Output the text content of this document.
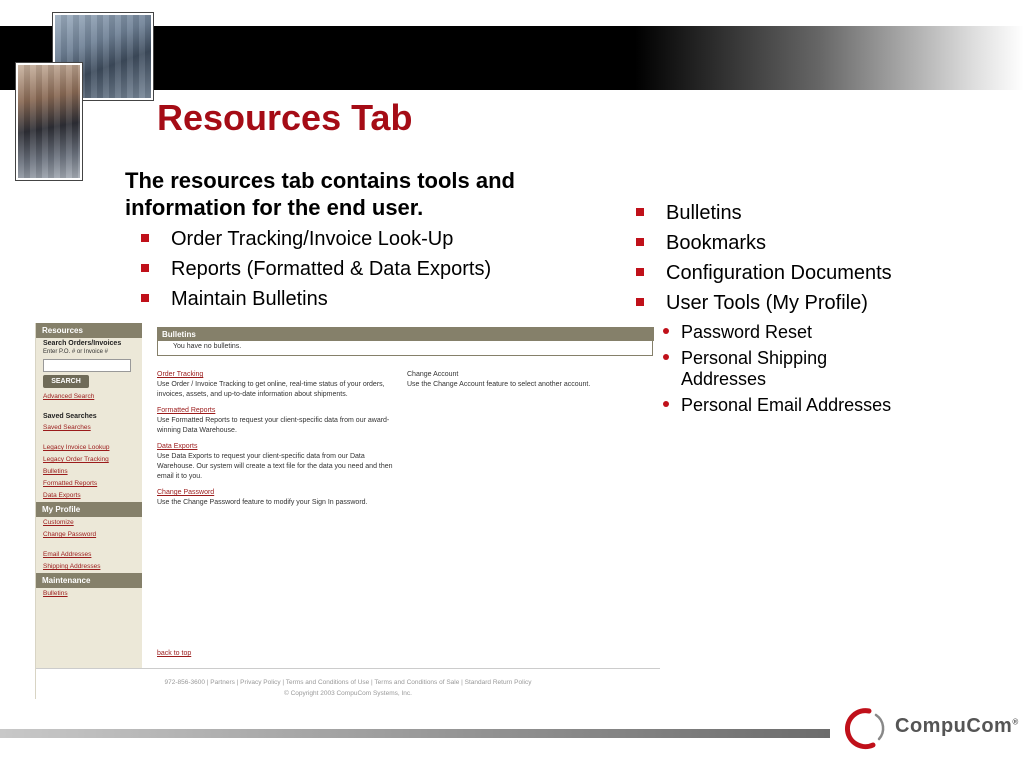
Resources Tab
The resources tab contains tools and information for the end user.
Order Tracking/Invoice Look-Up
Reports (Formatted & Data Exports)
Maintain Bulletins
Bulletins
Bookmarks
Configuration Documents
User Tools (My Profile)
Password Reset
Personal Shipping Addresses
Personal Email Addresses
Resources
Search Orders/Invoices
Enter P.O. # or Invoice #
SEARCH
Advanced Search
Saved Searches
Saved Searches
Legacy Invoice Lookup
Legacy Order Tracking
Bulletins
Formatted Reports
Data Exports
My Profile
Customize
Change Password
Email Addresses
Shipping Addresses
Maintenance
Bulletins
Bulletins
You have no bulletins.

Order Tracking
Use Order / Invoice Tracking to get online, real-time status of your orders, invoices, assets, and up-to-date information about shipments.

Formatted Reports
Use Formatted Reports to request your client-specific data from our award-winning Data Warehouse.

Data Exports
Use Data Exports to request your client-specific data from our Data Warehouse. Our system will create a text file for the data you need and then email it to you.

Change Password
Use the Change Password feature to modify your Sign In password.

Change Account
Use the Change Account feature to select another account.
back to top
972-856-3600 | Partners | Privacy Policy | Terms and Conditions of Use | Terms and Conditions of Sale | Standard Return Policy
© Copyright 2003 CompuCom Systems, Inc.
CompuCom®
